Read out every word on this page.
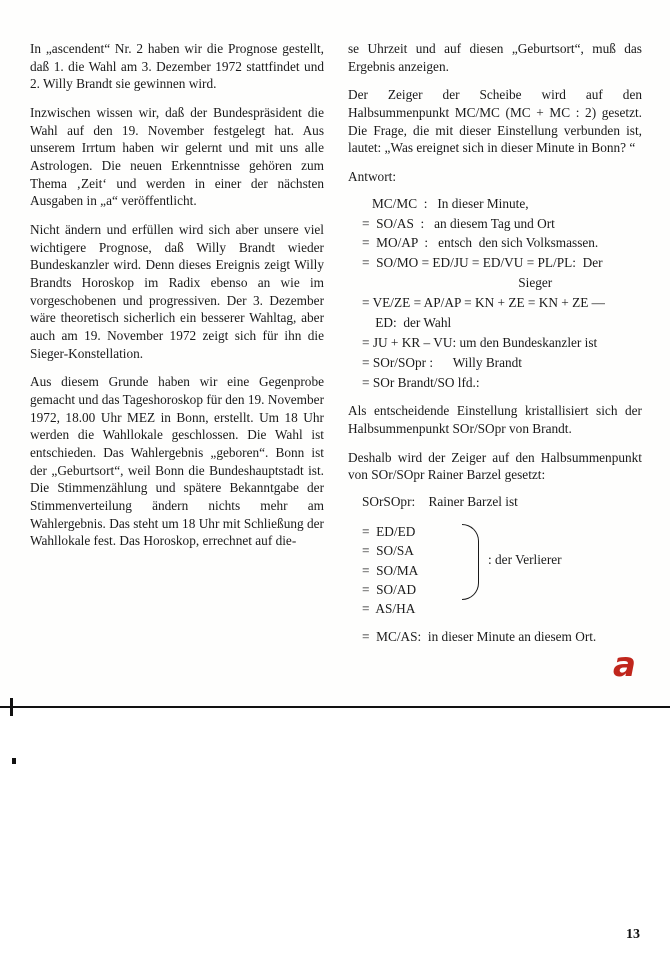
In „ascendent“ Nr. 2 haben wir die Prognose gestellt, daß 1. die Wahl am 3. Dezember 1972 stattfindet und 2. Willy Brandt sie gewinnen wird.

Inzwischen wissen wir, daß der Bundespräsident die Wahl auf den 19. November festgelegt hat. Aus unserem Irrtum haben wir gelernt und mit uns alle Astrologen. Die neuen Erkenntnisse gehören zum Thema ‚Zeit‘ und werden in einer der nächsten Ausgaben in „a“ veröffentlicht.

Nicht ändern und erfüllen wird sich aber unsere viel wichtigere Prognose, daß Willy Brandt wieder Bundeskanzler wird. Denn dieses Ereignis zeigt Willy Brandts Horoskop im Radix ebenso an wie im vorgeschobenen und progressiven. Der 3. Dezember wäre theoretisch sicherlich ein besserer Wahltag, aber auch am 19. November 1972 zeigt sich für ihn die Sieger-Konstellation.

Aus diesem Grunde haben wir eine Gegenprobe gemacht und das Tageshoroskop für den 19. November 1972, 18.00 Uhr MEZ in Bonn, erstellt. Um 18 Uhr werden die Wahllokale geschlossen. Die Wahl ist entschieden. Das Wahlergebnis „geboren“. Bonn ist der „Geburtsort“, weil Bonn die Bundeshauptstadt ist. Die Stimmenzählung und spätere Bekanntgabe der Stimmenverteilung ändern nichts mehr am Wahlergebnis. Das steht um 18 Uhr mit Schließung der Wahllokale fest. Das Horoskop, errechnet auf die-

se Uhrzeit und auf diesen „Geburtsort“, muß das Ergebnis anzeigen.

Der Zeiger der Scheibe wird auf den Halbsummenpunkt MC/MC (MC + MC : 2) gesetzt. Die Frage, die mit dieser Einstellung verbunden ist, lautet: „Was ereignet sich in dieser Minute in Bonn? “

Antwort:

MC/MC  :   In dieser Minute,
=  SO/AS  :   an diesem Tag und Ort
=  MO/AP  :   entsch  den sich Volksmassen.
=  SO/MO = ED/JU = ED/VU = PL/PL:  Der
Sieger
= VE/ZE = AP/AP = KN + ZE = KN + ZE —
ED:  der Wahl
= JU + KR – VU: um den Bundeskanzler ist
= SOr/SOpr :      Willy Brandt
= SOr Brandt/SO lfd.:

Als entscheidende Einstellung kristallisiert sich der Halbsummenpunkt SOr/SOpr von Brandt.

Deshalb wird der Zeiger auf den Halbsummenpunkt von SOr/SOpr Rainer Barzel gesetzt:

SOrSOpr:    Rainer Barzel ist
=  ED/ED
=  SO/SA
=  SO/MA
=  SO/AD
=  AS/HA
: der Verlierer
=  MC/AS:  in dieser Minute an diesem Ort.
a
13
